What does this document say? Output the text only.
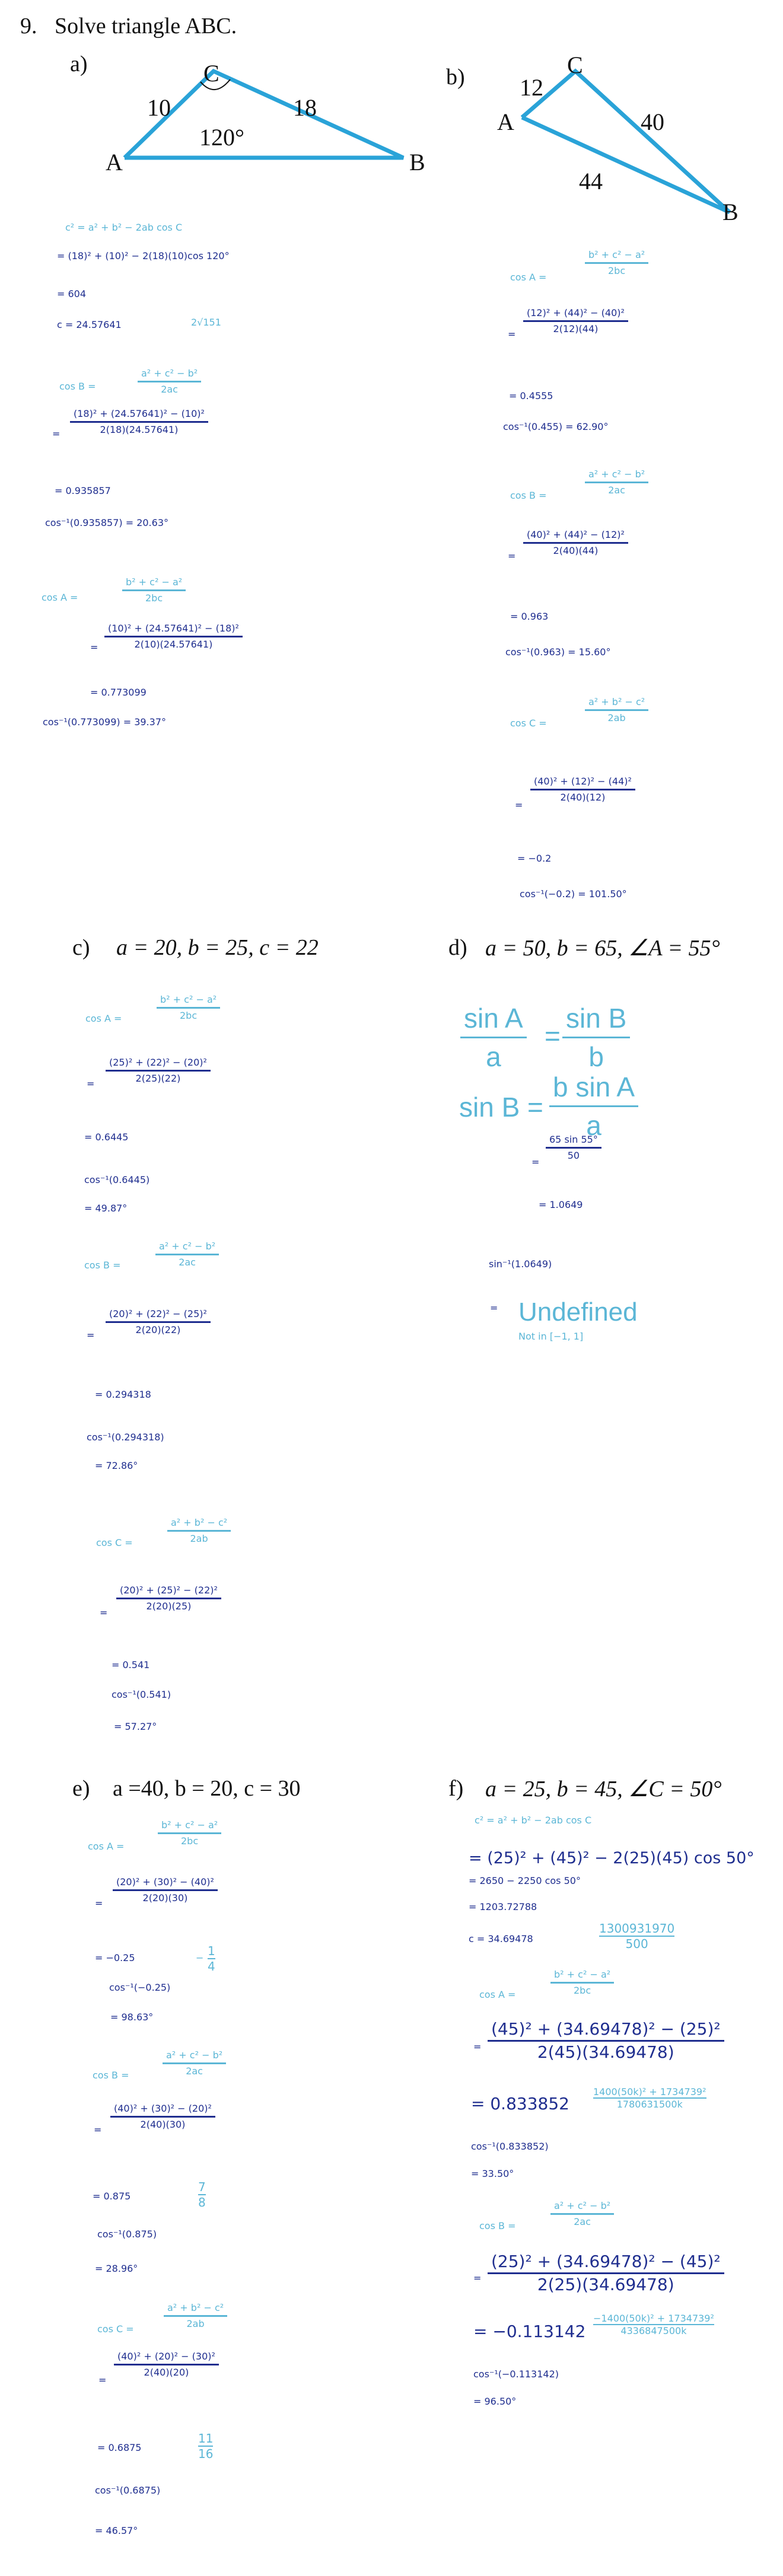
9. Solve triangle ABC.
a)
A	B
C
10	18
120°
c² = a² + b² − 2ab cos C
= (18)² + (10)² − 2(18)(10)cos 120°
= 604
c = 24.57641	2√151
cos B =
a² + c² − b²
2ac
=
(18)² + (24.57641)² − (10)²
2(18)(24.57641)
= 0.935857
cos⁻¹(0.935857) = 20.63°
cos A =
b² + c² − a²
2bc
=
(10)² + (24.57641)² − (18)²
2(10)(24.57641)
= 0.773099
cos⁻¹(0.773099) = 39.37°
b)
A
B
C
12
40
44
cos A =
b² + c² − a²
2bc
=
(12)² + (44)² − (40)²
2(12)(44)
= 0.4555
cos⁻¹(0.455) = 62.90°
cos B =
a² + c² − b²
2ac
=
(40)² + (44)² − (12)²
2(40)(44)
= 0.963
cos⁻¹(0.963) = 15.60°
cos C =
a² + b² − c²
2ab
=
(40)² + (12)² − (44)²
2(40)(12)
= −0.2
cos⁻¹(−0.2) = 101.50°
c) a = 20, b = 25, c = 22
cos A =
b² + c² − a²
2bc
=
(25)² + (22)² − (20)²
2(25)(22)
= 0.6445
cos⁻¹(0.6445)
= 49.87°
cos B =
a² + c² − b²
2ac
=
(20)² + (22)² − (25)²
2(20)(22)
= 0.294318
cos⁻¹(0.294318)
= 72.86°
cos C =
a² + b² − c²
2ab
=
(20)² + (25)² − (22)²
2(20)(25)
= 0.541
cos⁻¹(0.541)
= 57.27°
d) a = 50, b = 65, ∠A = 55°
sin A
a
=
sin B
b
sin B =
b sin A
a
=
65 sin 55°
50
= 1.0649
sin⁻¹(1.0649)
= Undefined
Not in [−1, 1]
e) a =40, b = 20, c = 30
cos A =
b² + c² − a²
2bc
=
(20)² + (30)² − (40)²
2(20)(30)
= −0.25	− 1
4
cos⁻¹(−0.25)
= 98.63°
cos B =
a² + c² − b²
2ac
=
(40)² + (30)² − (20)²
2(40)(30)
= 0.875
7
8
cos⁻¹(0.875)
= 28.96°
cos C =
a² + b² − c²
2ab
=
(40)² + (20)² − (30)²
2(40)(20)
= 0.6875
11
16
cos⁻¹(0.6875)
= 46.57°
f) a = 25, b = 45, ∠C = 50°
c² = a² + b² − 2ab cos C
= (25)² + (45)² − 2(25)(45) cos 50°
= 2650 − 2250 cos 50°
= 1203.72788
c = 34.69478
1300931970
500
cos A =
b² + c² − a²
2bc
=
(45)² + (34.69478)² − (25)²
2(45)(34.69478)
= 0.833852
1400(50k)² + 1734739²
1780631500k
cos⁻¹(0.833852)
= 33.50°
cos B =
a² + c² − b²
2ac
=
(25)² + (34.69478)² − (45)²
2(25)(34.69478)
= −0.113142
−1400(50k)² + 1734739²
4336847500k
cos⁻¹(−0.113142)
= 96.50°
